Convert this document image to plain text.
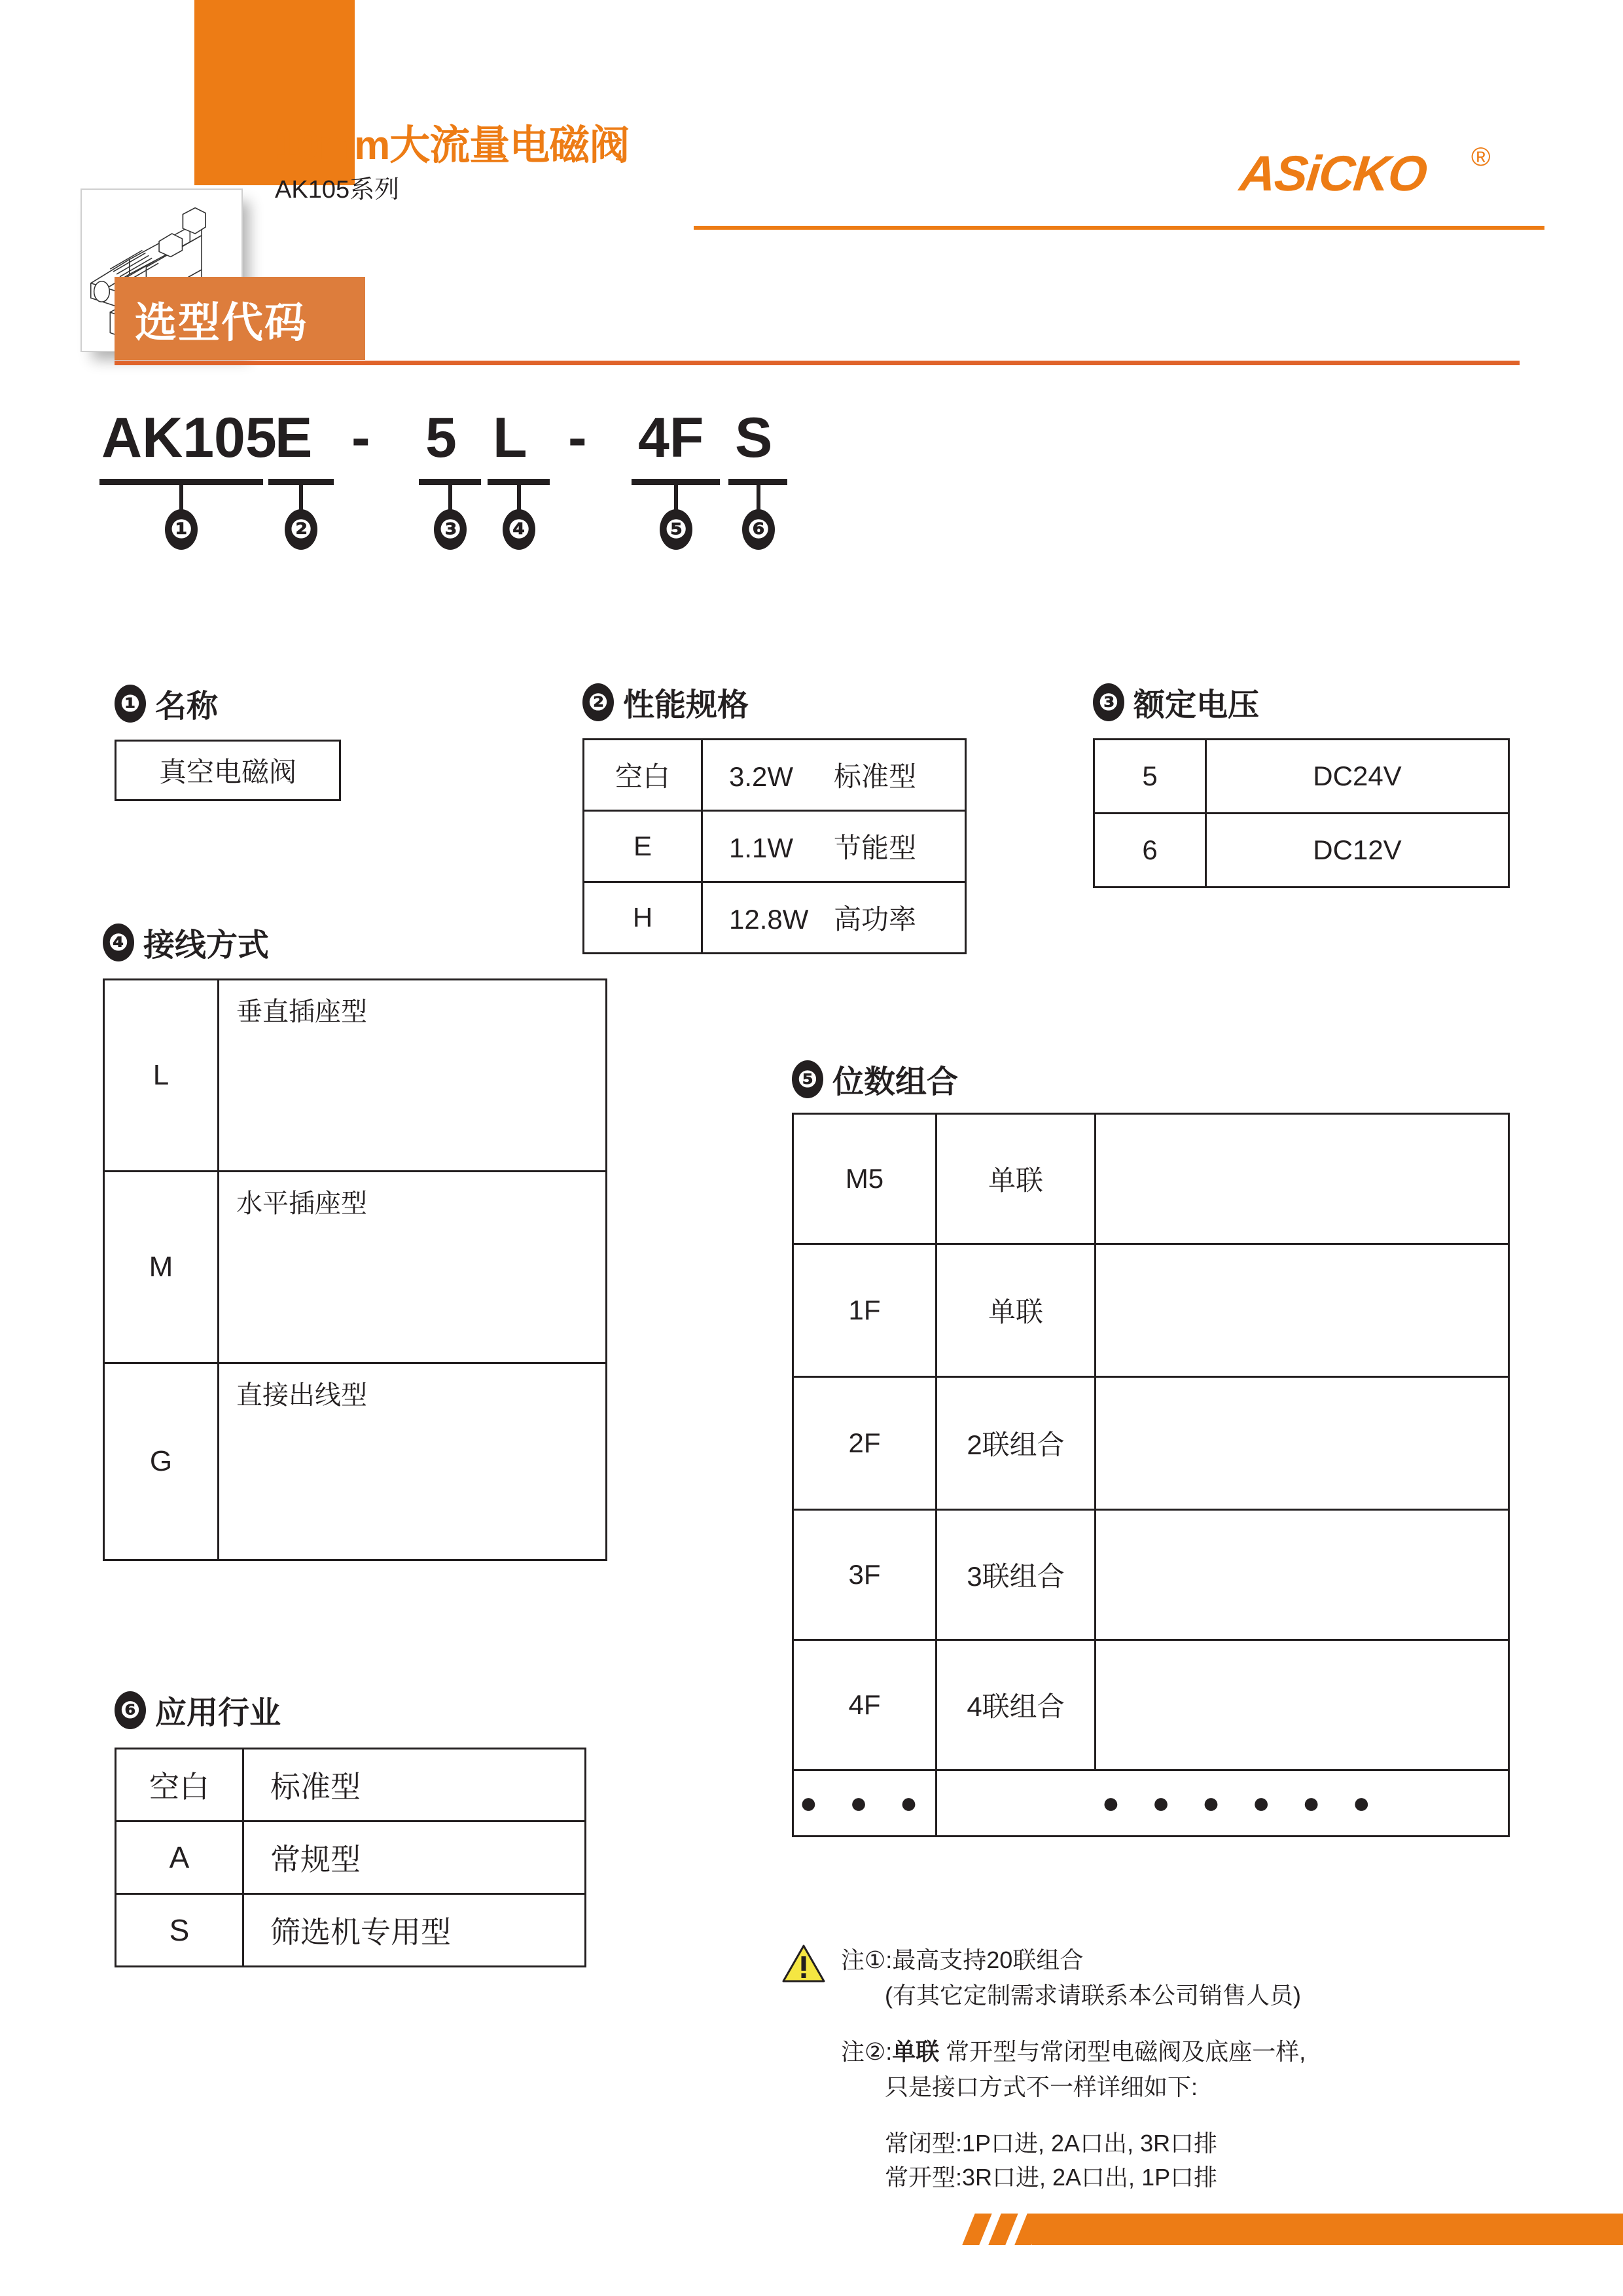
10mm大流量电磁阀
AK105系列	ASiCKO ®
选型代码
AK105
E - 5 L - 4F S
❶	❷	❸ ❹	❺ ❻
❶ 名称
真空电磁阀
❷ 性能规格
空白	3.2W 标准型
E	1.1W 节能型
H	12.8W 高功率
❸ 额定电压
5	DC24V
6	DC12V
❹ 接线方式
L	垂直插座型

M	水平插座型

G	直接出线型
❺ 位数组合
M5	单联	

1F	单联	

2F	2联组合	

3F	3联组合	

4F	4联组合	

● ● ●		● ● ● ● ● ●
❻ 应用行业
空白	标准型
A	常规型
S	筛选机专用型
注①:最高支持20联组合
(有其它定制需求请联系本公司销售人员)
注②:单联 常开型与常闭型电磁阀及底座一样,
只是接口方式不一样详细如下:
常闭型:1P口进, 2A口出, 3R口排
常开型:3R口进, 2A口出, 1P口排
